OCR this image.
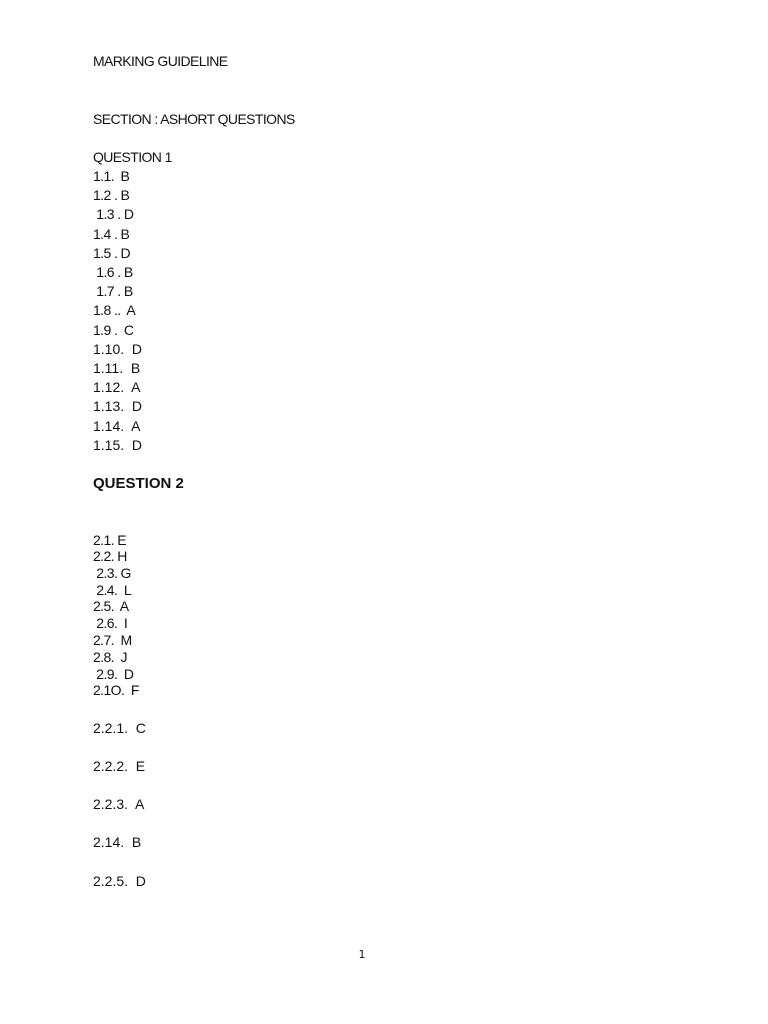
MARKING GUIDELINE
SECTION : ASHORT QUESTIONS
QUESTION 1
1.1.  B
1.2 . B
1.3 . D
1.4 . B
1.5 . D
1.6 . B
1.7 . B
1.8 ..  A
1.9 .  C
1.10.  D
1.11.  B
1.12.  A
1.13.  D
1.14.  A
1.15.  D
QUESTION 2
2.1. E
2.2. H
2.3. G
2.4.  L
2.5.  A
2.6.  I
2.7.  M
2.8.  J
2.9.  D
2.1O.  F
2.2.1.  C
2.2.2.  E
2.2.3.  A
2.14.  B
2.2.5.  D
1
